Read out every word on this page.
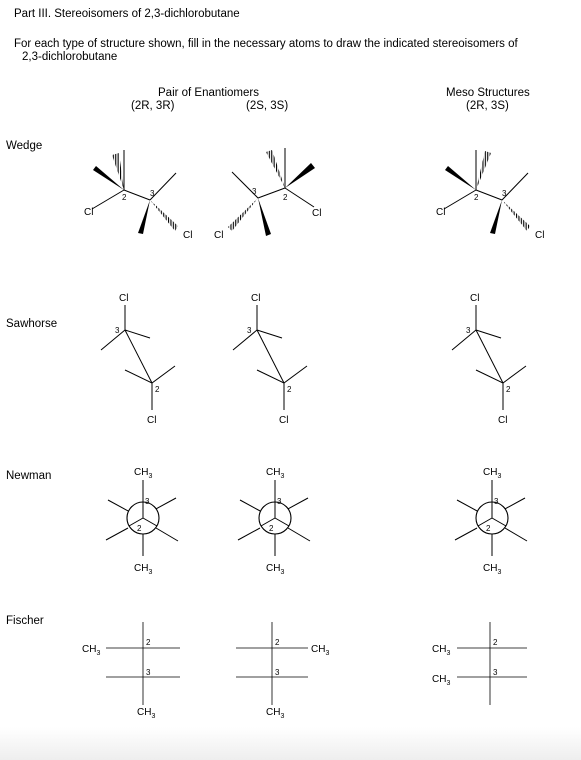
Part III. Stereoisomers of 2,3-dichlorobutane
For each type of structure shown, fill in the necessary atoms to draw the indicated stereoisomers of
2,3-dichlorobutane
Pair of Enantiomers
(2R, 3R)	(2S, 3S)
Meso Structures
(2R, 3S)
Wedge
Sawhorse
Newman
Fischer
Cl
Cl
2	3
Cl
Cl
3
2
Cl
Cl
2	3
Cl
Cl
3
2
Cl
Cl
3
2
Cl
Cl
3
2
$CH_3$
3
2
$CH_3$
$CH_3$
3
2
$CH_3$
$CH_3$
3
2
$CH_3$
$CH_3$
2
3
$CH_3$
$CH_3$
2
3
$CH_3$
$CH_3$
$CH_3$
2
3
